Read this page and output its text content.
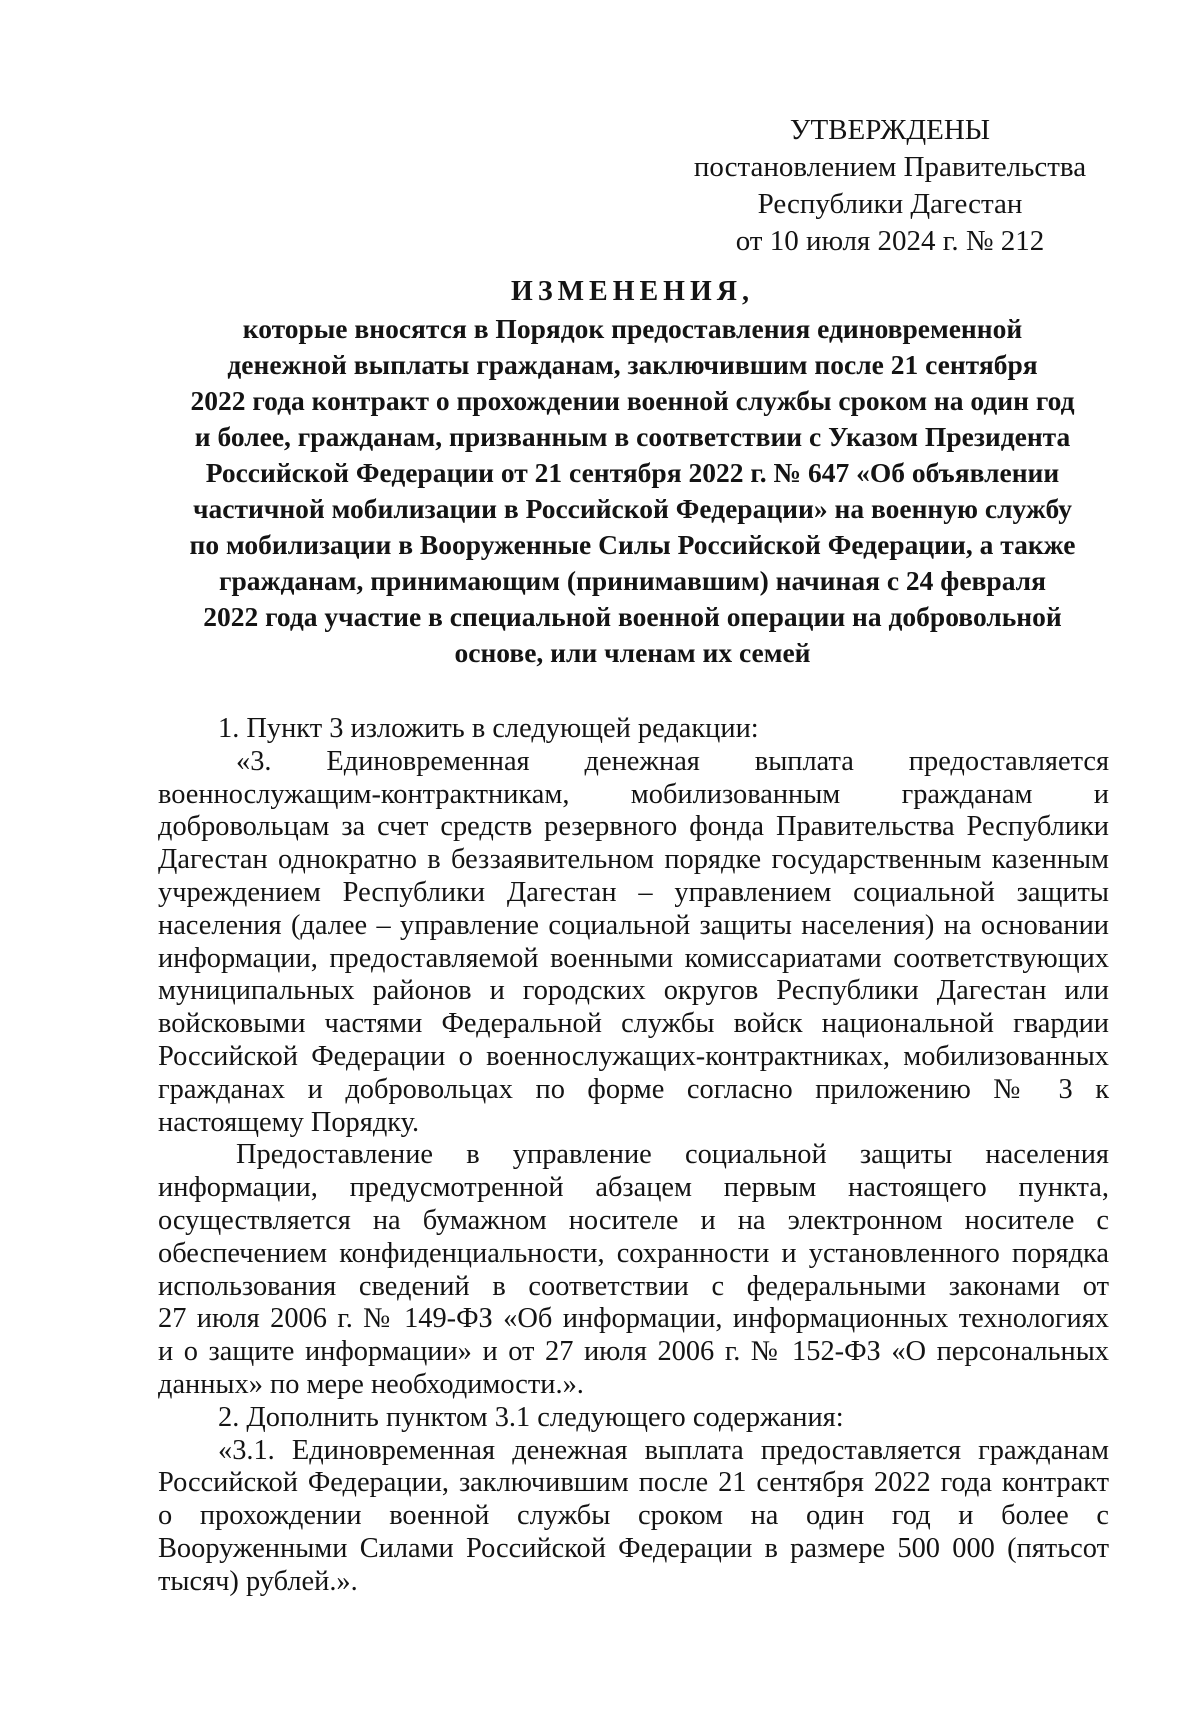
УТВЕРЖДЕНЫ
постановлением Правительства
Республики Дагестан
от 10 июля 2024 г. № 212
ИЗМЕНЕНИЯ,
которые вносятся в Порядок предоставления единовременной
денежной выплаты гражданам, заключившим после 21 сентября
2022 года контракт о прохождении военной службы сроком на один год
и более, гражданам, призванным в соответствии с Указом Президента
Российской Федерации от 21 сентября 2022 г. № 647 «Об объявлении
частичной мобилизации в Российской Федерации» на военную службу
по мобилизации в Вооруженные Силы Российской Федерации, а также
гражданам, принимающим (принимавшим) начиная с 24 февраля
2022 года участие в специальной военной операции на добровольной
основе, или членам их семей
1. Пункт 3 изложить в следующей редакции:
«3. Единовременная денежная выплата предоставляется
военнослужащим-контрактникам, мобилизованным гражданам и
добровольцам за счет средств резервного фонда Правительства Республики
Дагестан однократно в беззаявительном порядке государственным казенным
учреждением Республики Дагестан – управлением социальной защиты
населения (далее – управление социальной защиты населения) на основании
информации, предоставляемой военными комиссариатами соответствующих
муниципальных районов и городских округов Республики Дагестан или
войсковыми частями Федеральной службы войск национальной гвардии
Российской Федерации о военнослужащих-контрактниках, мобилизованных
гражданах и добровольцах по форме согласно приложению № 3 к
настоящему Порядку.
Предоставление в управление социальной защиты населения
информации, предусмотренной абзацем первым настоящего пункта,
осуществляется на бумажном носителе и на электронном носителе с
обеспечением конфиденциальности, сохранности и установленного порядка
использования сведений в соответствии с федеральными законами от
27 июля 2006 г. № 149-ФЗ «Об информации, информационных технологиях
и о защите информации» и от 27 июля 2006 г. № 152-ФЗ «О персональных
данных» по мере необходимости.».
2. Дополнить пунктом 3.1 следующего содержания:
«3.1. Единовременная денежная выплата предоставляется гражданам
Российской Федерации, заключившим после 21 сентября 2022 года контракт
о прохождении военной службы сроком на один год и более с
Вооруженными Силами Российской Федерации в размере 500 000 (пятьсот
тысяч) рублей.».
